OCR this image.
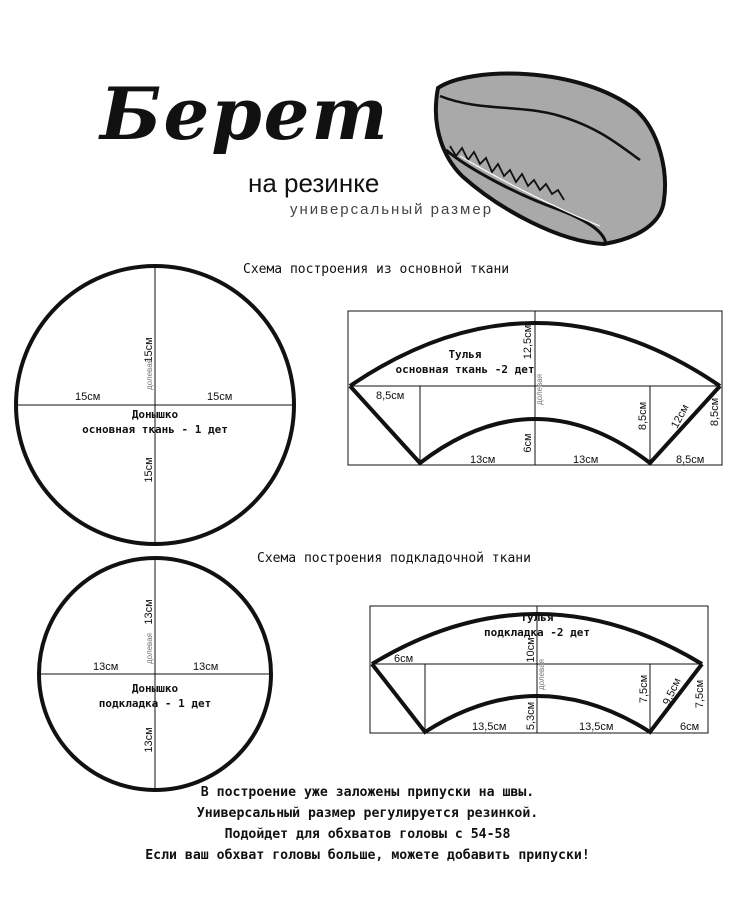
Берет
на резинке
универсальный размер
15см	15см
15см
15см
долевая
Донышко
основная ткань - 1 дет
12,5см
долевая
Тулья
основная ткань -2 дет
8,5см
6см
13см	13см	8,5см
8,5см 12см 8,5см
13см	13см
13см
13см
долевая
Донышко
подкладка - 1 дет
10см
долевая
Тулья
подкладка -2 дет
6см
5,3см
13,5см	13,5см	6см
7,5см 9,5см 7,5см
Схема построения из основной ткани
Схема построения подкладочной ткани
В построение уже заложены припуски на швы.
Универсальный размер регулируется резинкой.
Подойдет для обхватов головы с 54-58
Если ваш обхват головы больше, можете добавить припуски!
